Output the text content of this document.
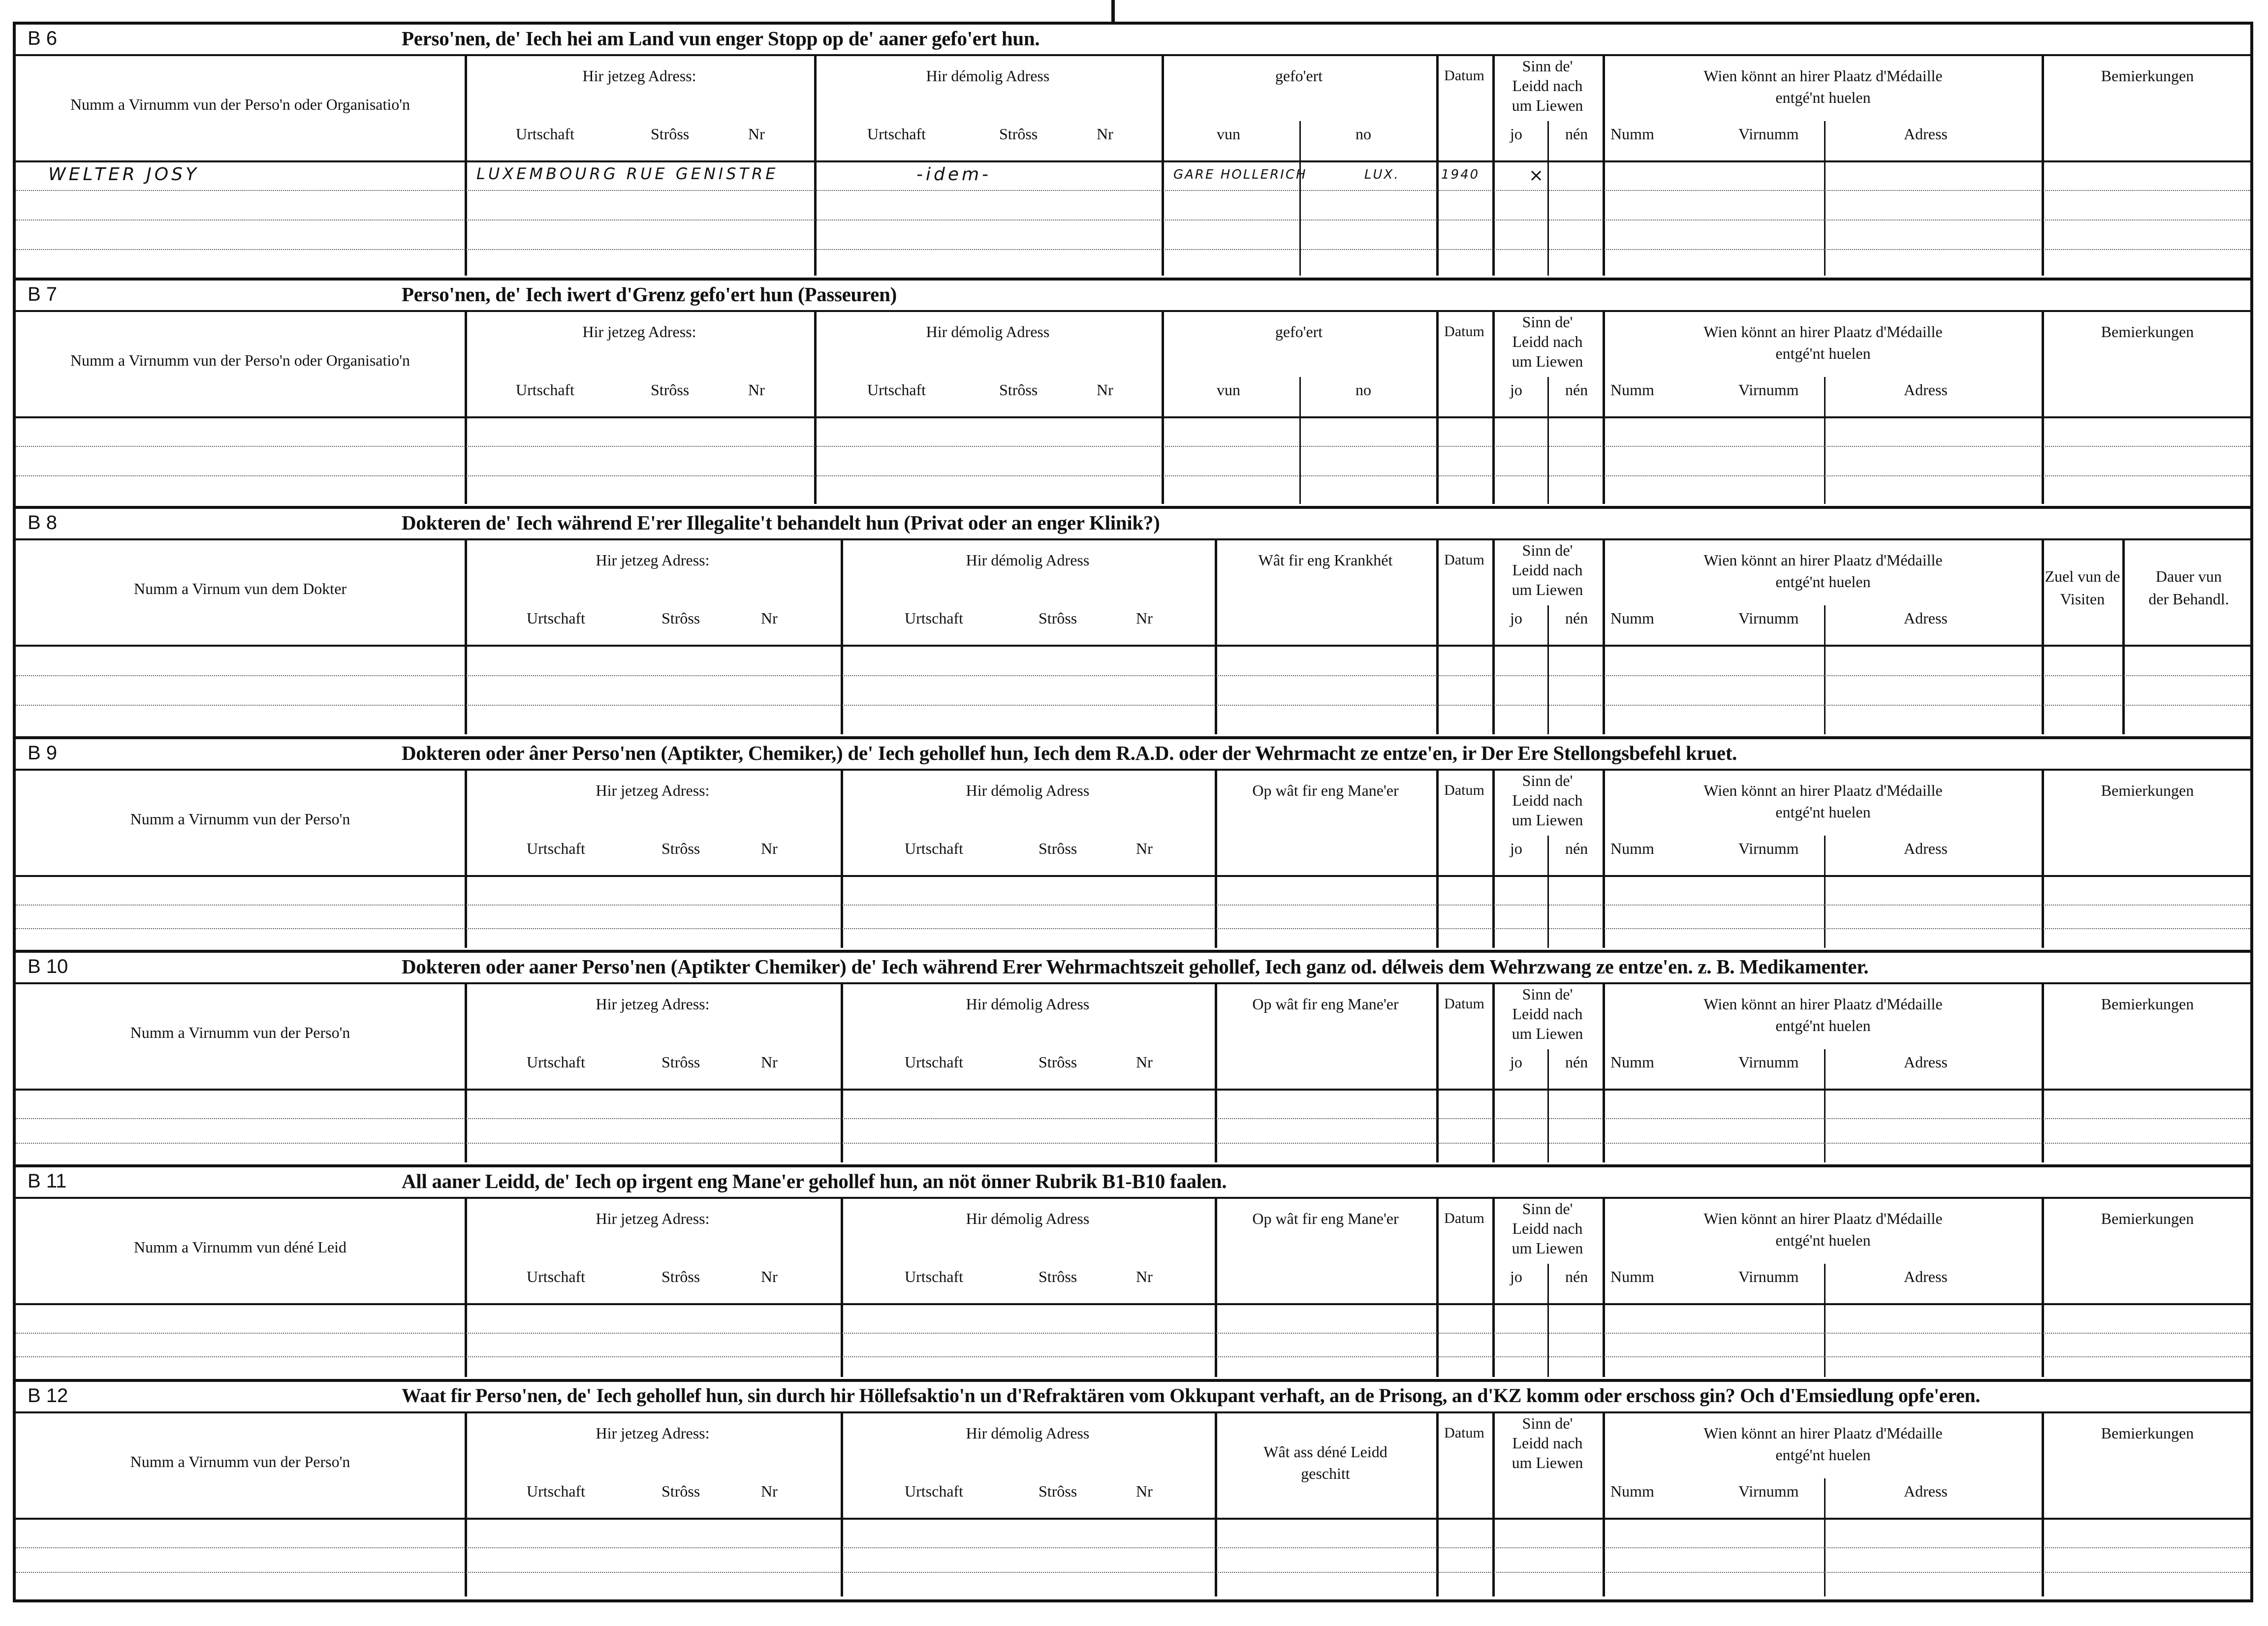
B 6	Perso'nen, de' Iech hei am Land vun enger Stopp op de' aaner gefo'ert hun.
Numm a Virnumm vun der Perso'n oder Organisatio'n
Hir jetzeg Adress:
Urtschaft	Strôss	Nr
Hir démolig Adress
Urtschaft	Strôss	Nr
gefo'ert
vun	no
Datum
Sinn de' Leidd nach um Liewen
jo	nén
Wien könnt an hirer Plaatz d'Médaille entgé'nt huelen
Numm	Virnumm	Adress
Bemierkungen
WELTER JOSY	LUXEMBOURG RUE GENISTRE	-idem-	GARE HOLLERICH	LUX.	1940	×
B 7	Perso'nen, de' Iech iwert d'Grenz gefo'ert hun (Passeuren)
Numm a Virnumm vun der Perso'n oder Organisatio'n
Hir jetzeg Adress:
Urtschaft	Strôss	Nr
Hir démolig Adress
Urtschaft	Strôss	Nr
gefo'ert
vun	no
Datum
Sinn de' Leidd nach um Liewen
jo	nén
Wien könnt an hirer Plaatz d'Médaille entgé'nt huelen
Numm	Virnumm	Adress
Bemierkungen
B 8	Dokteren de' Iech während E'rer Illegalite't behandelt hun (Privat oder an enger Klinik?)
Numm a Virnum vun dem Dokter
Hir jetzeg Adress:
Urtschaft	Strôss	Nr
Hir démolig Adress
Urtschaft	Strôss	Nr
Wât fir eng Krankhét	Datum
Sinn de' Leidd nach um Liewen
jo	nén
Wien könnt an hirer Plaatz d'Médaille entgé'nt huelen
Numm	Virnumm	Adress
Zuel vun de Visiten
Dauer vun der Behandl.
B 9	Dokteren oder âner Perso'nen (Aptikter, Chemiker,) de' Iech gehollef hun, Iech dem R.A.D. oder der Wehrmacht ze entze'en, ir Der Ere Stellongsbefehl kruet.
Numm a Virnumm vun der Perso'n
Hir jetzeg Adress:
Urtschaft	Strôss	Nr
Hir démolig Adress
Urtschaft	Strôss	Nr
Op wât fir eng Mane'er	Datum
Sinn de' Leidd nach um Liewen
jo	nén
Wien könnt an hirer Plaatz d'Médaille entgé'nt huelen
Numm	Virnumm	Adress
Bemierkungen
B 10	Dokteren oder aaner Perso'nen (Aptikter Chemiker) de' Iech während Erer Wehrmachtszeit gehollef, Iech ganz od. délweis dem Wehrzwang ze entze'en. z. B. Medikamenter.
Numm a Virnumm vun der Perso'n
Hir jetzeg Adress:
Urtschaft	Strôss	Nr
Hir démolig Adress
Urtschaft	Strôss	Nr
Op wât fir eng Mane'er	Datum
Sinn de' Leidd nach um Liewen
jo	nén
Wien könnt an hirer Plaatz d'Médaille entgé'nt huelen
Numm	Virnumm	Adress
Bemierkungen
B 11	All aaner Leidd, de' Iech op irgent eng Mane'er gehollef hun, an nöt önner Rubrik B1-B10 faalen.
Numm a Virnumm vun déné Leid
Hir jetzeg Adress:
Urtschaft	Strôss	Nr
Hir démolig Adress
Urtschaft	Strôss	Nr
Op wât fir eng Mane'er	Datum
Sinn de' Leidd nach um Liewen
jo	nén
Wien könnt an hirer Plaatz d'Médaille entgé'nt huelen
Numm	Virnumm	Adress
Bemierkungen
B 12	Waat fir Perso'nen, de' Iech gehollef hun, sin durch hir Höllefsaktio'n un d'Refraktären vom Okkupant verhaft, an de Prisong, an d'KZ komm oder erschoss gin? Och d'Emsiedlung opfe'eren.
Numm a Virnumm vun der Perso'n
Hir jetzeg Adress:
Urtschaft	Strôss	Nr
Hir démolig Adress
Urtschaft	Strôss	Nr
Wât ass déné Leidd geschitt
Datum
Sinn de' Leidd nach um Liewen
Wien könnt an hirer Plaatz d'Médaille entgé'nt huelen
Numm	Virnumm	Adress
Bemierkungen
